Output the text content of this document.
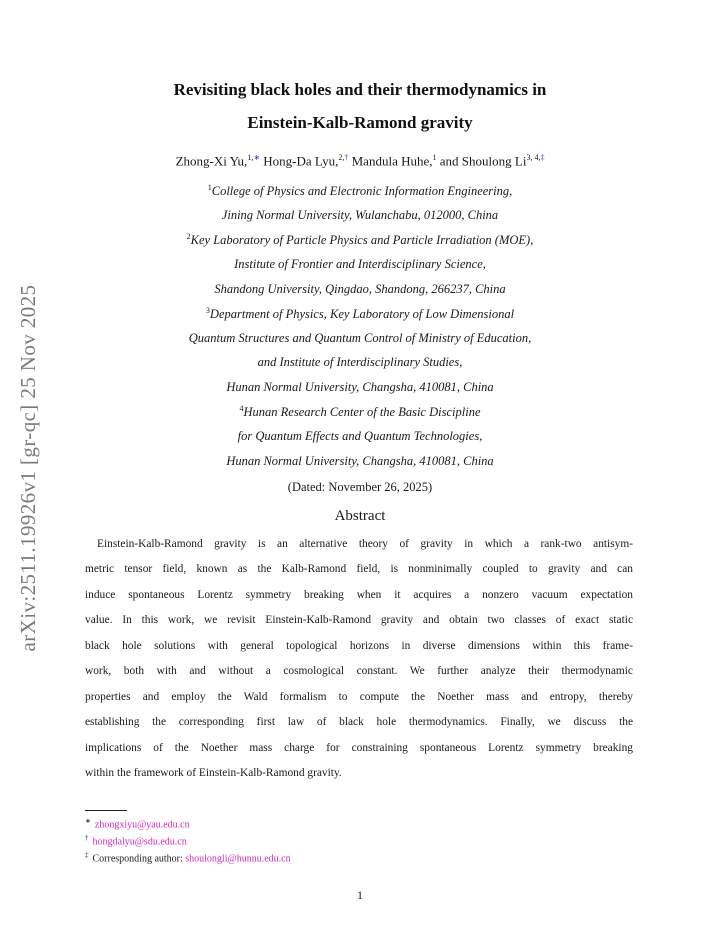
arXiv:2511.19926v1 [gr-qc] 25 Nov 2025
Revisiting black holes and their thermodynamics in
Einstein-Kalb-Ramond gravity
Zhong-Xi Yu,$^{1,∗}$ Hong-Da Lyu,$^{2,\dagger}$ Mandula Huhe,$^1$ and Shoulong $Li^{3, 4,\ddagger}$
$^1$College of Physics and Electronic Information Engineering,
Jining Normal University, Wulanchabu, 012000, China
$^2$Key Laboratory of Particle Physics and Particle Irradiation (MOE),
Institute of Frontier and Interdisciplinary Science,
Shandong University, Qingdao, Shandong, 266237, China
$^3$Department of Physics, Key Laboratory of Low Dimensional
Quantum Structures and Quantum Control of Ministry of Education,
and Institute of Interdisciplinary Studies,
Hunan Normal University, Changsha, 410081, China
$^4$Hunan Research Center of the Basic Discipline
for Quantum Effects and Quantum Technologies,
Hunan Normal University, Changsha, 410081, China
(Dated: November 26, 2025)
Abstract
Einstein-Kalb-Ramond gravity is an alternative theory of gravity in which a rank-two antisym-
metric tensor field, known as the Kalb-Ramond field, is nonminimally coupled to gravity and can
induce spontaneous Lorentz symmetry breaking when it acquires a nonzero vacuum expectation
value. In this work, we revisit Einstein-Kalb-Ramond gravity and obtain two classes of exact static
black hole solutions with general topological horizons in diverse dimensions within this frame-
work, both with and without a cosmological constant. We further analyze their thermodynamic
properties and employ the Wald formalism to compute the Noether mass and entropy, thereby
establishing the corresponding first law of black hole thermodynamics. Finally, we discuss the
implications of the Noether mass charge for constraining spontaneous Lorentz symmetry breaking
within the framework of Einstein-Kalb-Ramond gravity.
∗ zhongxiyu@yau.edu.cn
† hongdalyu@sdu.edu.cn
‡ Corresponding author: shoulongli@hunnu.edu.cn
1
